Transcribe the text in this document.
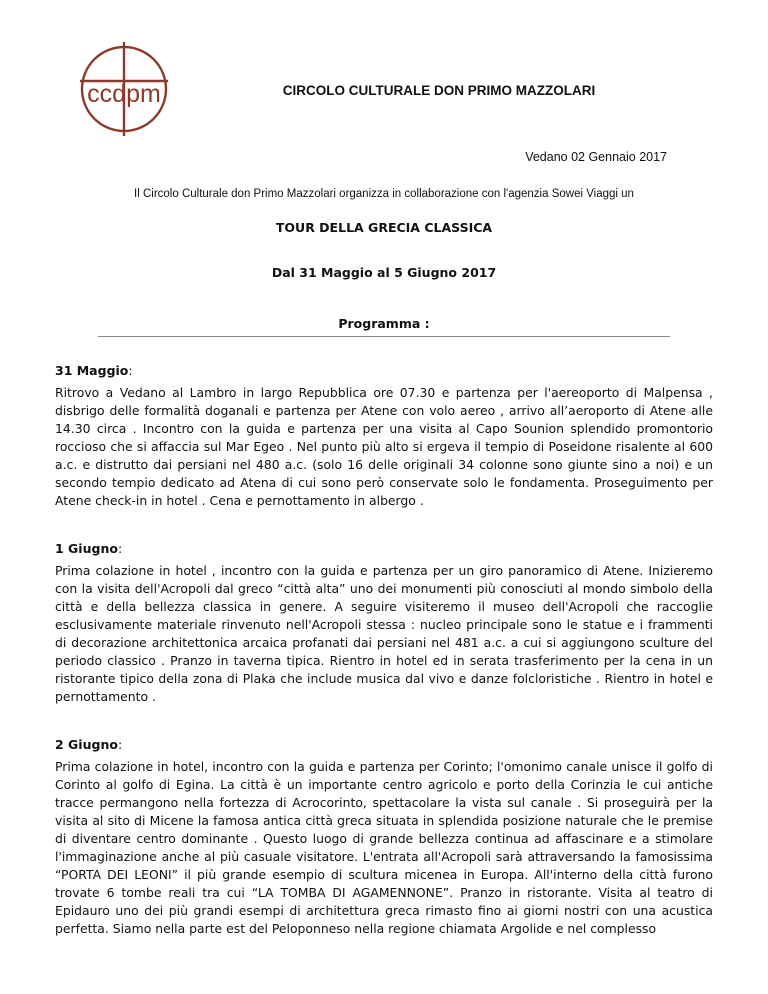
ccdpm	CIRCOLO CULTURALE DON PRIMO MAZZOLARI
Vedano 02 Gennaio 2017
Il Circolo Culturale don Primo Mazzolari organizza in collaborazione con l'agenzia Sowei Viaggi un
TOUR DELLA GRECIA CLASSICA
Dal 31 Maggio al 5 Giugno 2017
Programma :

31 Maggio:

Ritrovo a Vedano al Lambro in largo Repubblica ore 07.30 e partenza per l'aereoporto di Malpensa , disbrigo delle formalità doganali e partenza per Atene con volo aereo , arrivo all’aeroporto di Atene alle 14.30 circa . Incontro con la guida e partenza per una visita al Capo Sounion splendido promontorio roccioso che si affaccia sul Mar Egeo . Nel punto più alto si ergeva il tempio di Poseidone risalente al 600 a.c. e distrutto dai persiani nel 480 a.c. (solo 16 delle originali 34 colonne sono giunte sino a noi) e un secondo tempio dedicato ad Atena di cui sono però conservate solo le fondamenta. Proseguimento per Atene check-in in hotel . Cena e pernottamento in albergo .

1 Giugno:

Prima colazione in hotel , incontro con la guida e partenza per un giro panoramico di Atene. Inizieremo con la visita dell'Acropoli dal greco “città alta” uno dei monumenti più conosciuti al mondo simbolo della città e della bellezza classica in genere. A seguire visiteremo il museo dell'Acropoli che raccoglie esclusivamente materiale rinvenuto nell'Acropoli stessa : nucleo principale sono le statue e i frammenti di decorazione architettonica arcaica profanati dai persiani nel 481 a.c. a cui si aggiungono sculture del periodo classico . Pranzo in taverna tipica. Rientro in hotel ed in serata trasferimento per la cena in un ristorante tipico della zona di Plaka che include musica dal vivo e danze folcloristiche . Rientro in hotel e pernottamento .

2 Giugno:

Prima colazione in hotel, incontro con la guida e partenza per Corinto; l'omonimo canale unisce il golfo di Corinto al golfo di Egina. La città è un importante centro agricolo e porto della Corinzia le cui antiche tracce permangono nella fortezza di Acrocorinto, spettacolare la vista sul canale . Si proseguirà per la visita al sito di Micene la famosa antica città greca situata in splendida posizione naturale che le premise di diventare centro dominante . Questo luogo di grande bellezza continua ad affascinare e a stimolare l'immaginazione anche al più casuale visitatore. L'entrata all'Acropoli sarà attraversando la famosissima “PORTA DEI LEONI” il più grande esempio di scultura micenea in Europa. All'interno della città furono trovate 6 tombe reali tra cui “LA TOMBA DI AGAMENNONE”. Pranzo in ristorante. Visita al teatro di Epidauro uno dei più grandi esempi di architettura greca rimasto fino ai giorni nostri con una acustica perfetta. Siamo nella parte est del Peloponneso nella regione chiamata Argolide e nel complesso
